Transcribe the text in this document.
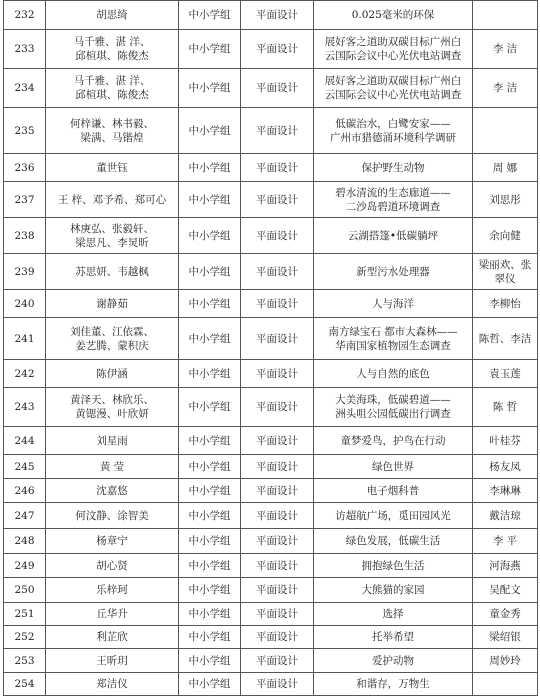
232	胡思绮	中小学组	平面设计	0.025毫米的环保	

233	马千雅、湛 洋、
邱楦琪、陈俊杰	中小学组	平面设计	展好客之道助双碳目标广州白
云国际会议中心光伏电站调查	李 洁

234	马千雅、湛 洋、
邱楦琪、陈俊杰	中小学组	平面设计	展好客之道助双碳目标广州白
云国际会议中心光伏电站调查	李 洁

235	何梓谦、林书毅、
梁满、马锴煌	中小学组	平面设计	低碳治水，白鹭安家——
广州市猎德涌环境科学调研	

236	董世钰	中小学组	平面设计	保护野生动物	周 娜

237	王 梓、邓予希、郑可心	中小学组	平面设计	碧水清流的生态廊道——
二沙岛碧道环境调查	刘思彤

238	林庚弘、张毅轩、
梁思凡、李炅昕	中小学组	平面设计	云湖搭篷•低碳躺坪	余向健

239	苏思妍、韦越枫	中小学组	平面设计	新型污水处理器	梁丽欢、张
翠仪

240	谢静茹	中小学组	平面设计	人与海洋	李柳怡

241	刘佳董、江依霖、
姜艺腾、蒙积庆	中小学组	平面设计	南方绿宝石 都市大森林——
华南国家植物园生态调查	陈哲、李洁

242	陈伊涵	中小学组	平面设计	人与自然的底色	袁玉莲

243	黄泽天、林欣乐、
黄锶漫、叶欣妍	中小学组	平面设计	大美海珠，低碳碧道——
洲头咀公园低碳出行调查	陈 哲

244	刘星雨	中小学组	平面设计	童梦爱鸟，护鸟在行动	叶桂芬

245	黄 莹	中小学组	平面设计	绿色世界	杨友凤

246	沈嘉悠	中小学组	平面设计	电子烟科普	李琳琳

247	何汶静、涂智美	中小学组	平面设计	访超航广场，觅田园风光	戴洁琼

248	杨章宁	中小学组	平面设计	绿色发展，低碳生活	李 平

249	胡心贤	中小学组	平面设计	拥抱绿色生活	河海燕

250	乐梓珂	中小学组	平面设计	大熊猫的家园	吴配文

251	丘华升	中小学组	平面设计	选择	童金秀

252	利芷欣	中小学组	平面设计	托举希望	梁绍银

253	王昕玥	中小学组	平面设计	爱护动物	周妙玲

254	郑洁仪	中小学组	平面设计	和谐存，万物生	
